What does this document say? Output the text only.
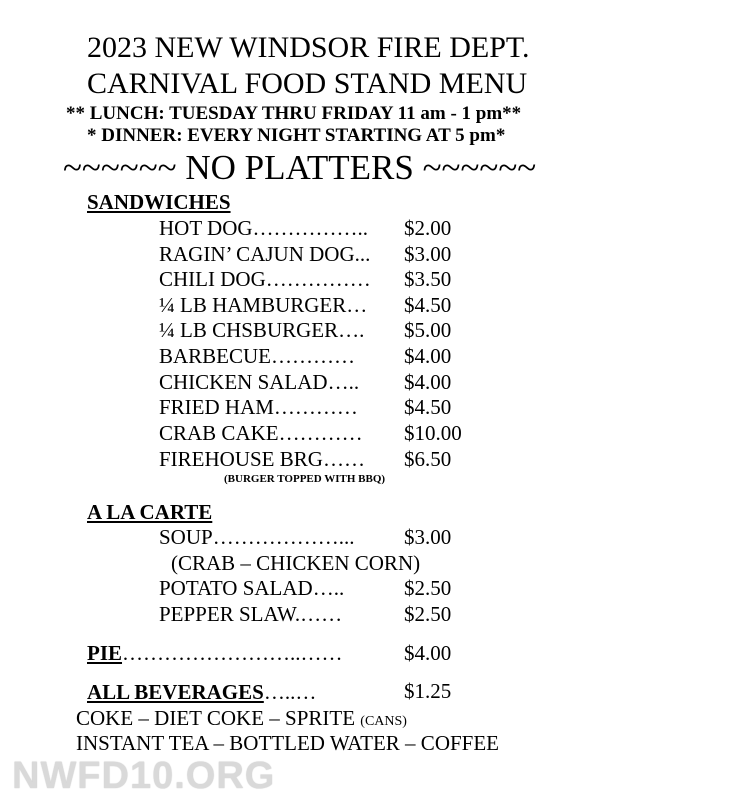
2023 NEW WINDSOR FIRE DEPT.
CARNIVAL FOOD STAND MENU
** LUNCH: TUESDAY THRU FRIDAY 11 am - 1 pm**
* DINNER: EVERY NIGHT STARTING AT 5 pm*
~~~~~~ NO PLATTERS ~~~~~~
SANDWICHES
HOT DOG…………….. $2.00
RAGIN’ CAJUN DOG... $3.00
CHILI DOG…………… $3.50
¼ LB HAMBURGER… $4.50
¼ LB CHSBURGER…. $5.00
BARBECUE………… $4.00
CHICKEN SALAD….. $4.00
FRIED HAM………… $4.50
CRAB CAKE………… $10.00
FIREHOUSE BRG…… $6.50
(BURGER TOPPED WITH BBQ)
A LA CARTE
SOUP………………... $3.00
(CRAB – CHICKEN CORN)
POTATO SALAD…..	$2.50
PEPPER SLAW.……	$2.50
PIE……………………..……	$4.00
ALL BEVERAGES…..…	$1.25
COKE – DIET COKE – SPRITE (CANS)
INSTANT TEA – BOTTLED WATER – COFFEE
NWFD10.ORG
